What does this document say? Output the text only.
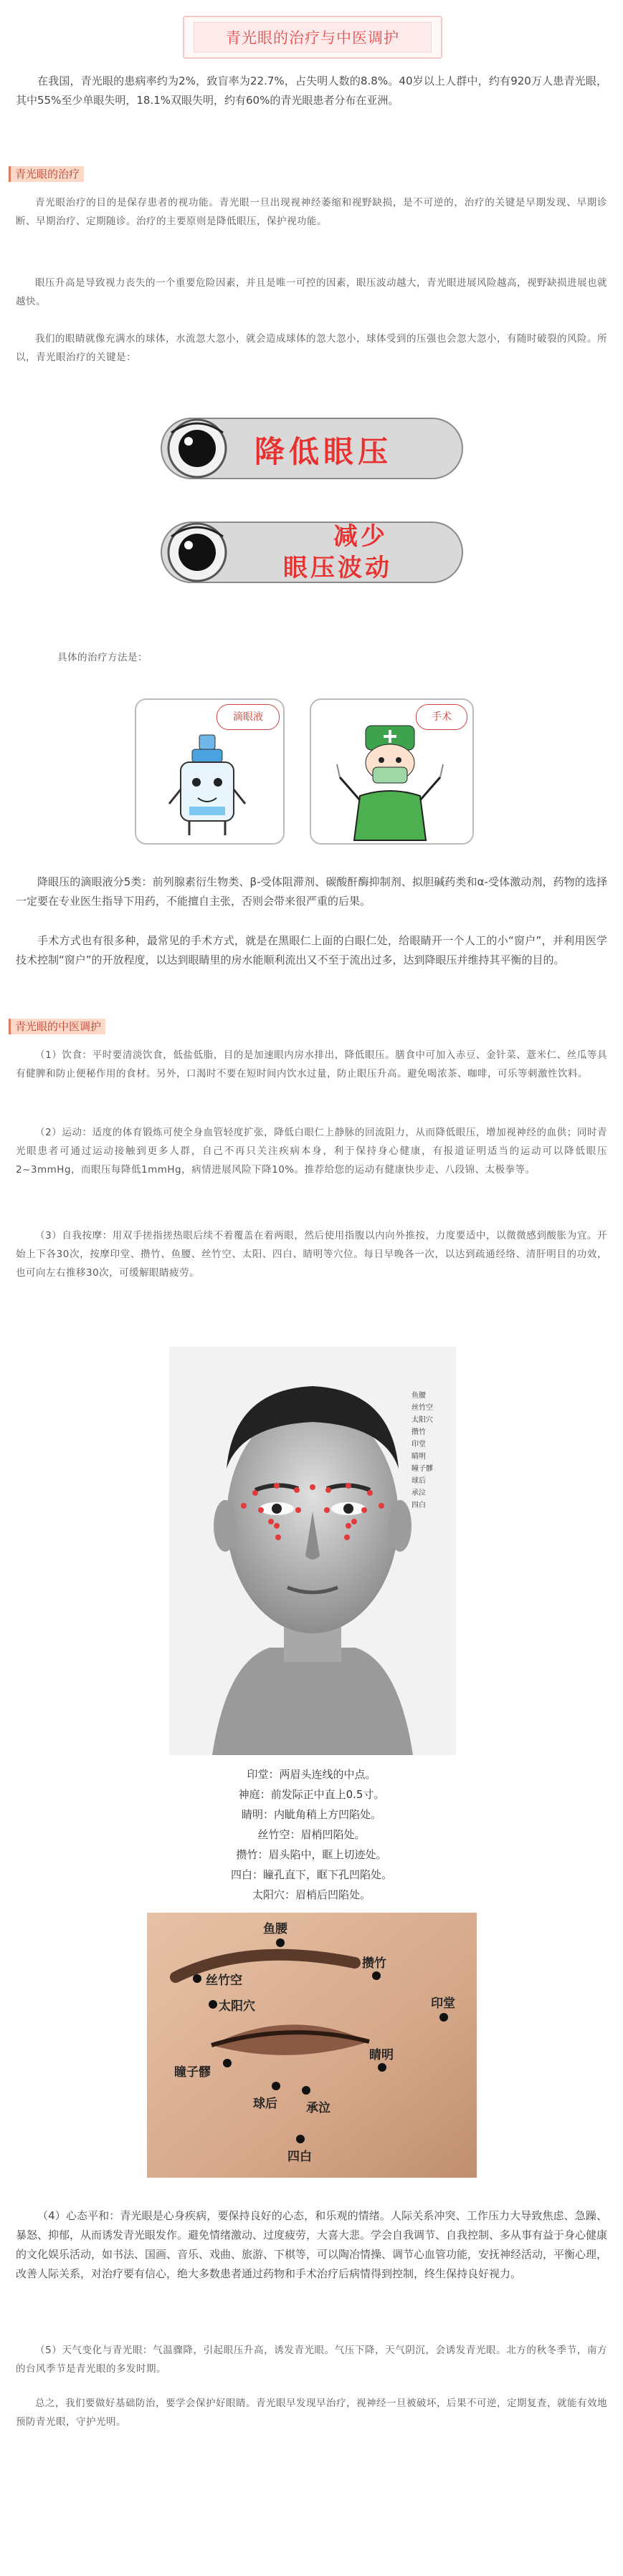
青光眼的治疗与中医调护

在我国，青光眼的患病率约为2%，致盲率为22.7%，占失明人数的8.8%。40岁以上人群中，约有920万人患青光眼，其中55%至少单眼失明，18.1%双眼失明，约有60%的青光眼患者分布在亚洲。

青光眼的治疗

青光眼治疗的目的是保存患者的视功能。青光眼一旦出现视神经萎缩和视野缺损，是不可逆的，治疗的关键是早期发现、早期诊断、早期治疗、定期随诊。治疗的主要原则是降低眼压，保护视功能。

眼压升高是导致视力丧失的一个重要危险因素，并且是唯一可控的因素，眼压波动越大，青光眼进展风险越高，视野缺损进展也就越快。

我们的眼睛就像充满水的球体，水流忽大忽小，就会造成球体的忽大忽小，球体受到的压强也会忽大忽小，有随时破裂的风险。所以，青光眼治疗的关键是：

降低眼压
减少
眼压波动

具体的治疗方法是：

滴眼液	手术

降眼压的滴眼液分5类：前列腺素衍生物类、β-受体阻滞剂、碳酸酐酶抑制剂、拟胆碱药类和α-受体激动剂，药物的选择一定要在专业医生指导下用药，不能擅自主张，否则会带来很严重的后果。

手术方式也有很多种，最常见的手术方式，就是在黑眼仁上面的白眼仁处，给眼睛开一个人工的小“窗户”，并利用医学技术控制“窗户”的开放程度，以达到眼睛里的房水能顺利流出又不至于流出过多，达到降眼压并维持其平衡的目的。

青光眼的中医调护

（1）饮食：平时要清淡饮食，低盐低脂，目的是加速眼内房水排出，降低眼压。膳食中可加入赤豆、金针菜、薏米仁、丝瓜等具有健脾和防止便秘作用的食材。另外，口渴时不要在短时间内饮水过量，防止眼压升高。避免喝浓茶、咖啡，可乐等刺激性饮料。

（2）运动：适度的体育锻炼可使全身血管轻度扩张，降低白眼仁上静脉的回流阻力，从而降低眼压，增加视神经的血供；同时青光眼患者可通过运动接触到更多人群，自己不再只关注疾病本身，利于保持身心健康，有报道证明适当的运动可以降低眼压2~3mmHg，而眼压每降低1mmHg，病情进展风险下降10%。推荐给您的运动有健康快步走、八段锦、太极拳等。

（3）自我按摩：用双手搓指搓热眼后续不着覆盖在着两眼，然后使用指腹以内向外推按，力度要适中，以微微感到酸胀为宜。开始上下各30次，按摩印堂、攒竹、鱼腰、丝竹空、太阳、四白、睛明等穴位。每日早晚各一次，以达到疏通经络、清肝明目的功效，也可向左右推移30次，可缓解眼睛疲劳。

鱼腰
丝竹空
太阳穴
攒竹
印堂
睛明
瞳子髎
球后
承泣
四白
印堂：两眉头连线的中点。
神庭：前发际正中直上0.5寸。
睛明：内眦角稍上方凹陷处。
丝竹空：眉梢凹陷处。
攒竹：眉头陷中，眶上切迹处。
四白：瞳孔直下，眶下孔凹陷处。
太阳穴：眉梢后凹陷处。
鱼腰
丝竹空
太阳穴
攒竹
印堂
睛明
瞳子髎
球后 承泣
四白

（4）心态平和：青光眼是心身疾病，要保持良好的心态，和乐观的情绪。人际关系冲突、工作压力大导致焦虑、急躁、暴怒、抑郁，从而诱发青光眼发作。避免情绪激动、过度疲劳，大喜大悲。学会自我调节、自我控制、多从事有益于身心健康的文化娱乐活动，如书法、国画、音乐、戏曲、旅游、下棋等，可以陶冶情操、调节心血管功能，安抚神经活动，平衡心理，改善人际关系，对治疗要有信心，绝大多数患者通过药物和手术治疗后病情得到控制，终生保持良好视力。

（5）天气变化与青光眼：气温骤降，引起眼压升高，诱发青光眼。气压下降，天气阴沉，会诱发青光眼。北方的秋冬季节，南方的台风季节是青光眼的多发时期。

总之，我们要做好基础防治，要学会保护好眼睛。青光眼早发现早治疗，视神经一旦被破坏，后果不可逆，定期复查，就能有效地预防青光眼，守护光明。
